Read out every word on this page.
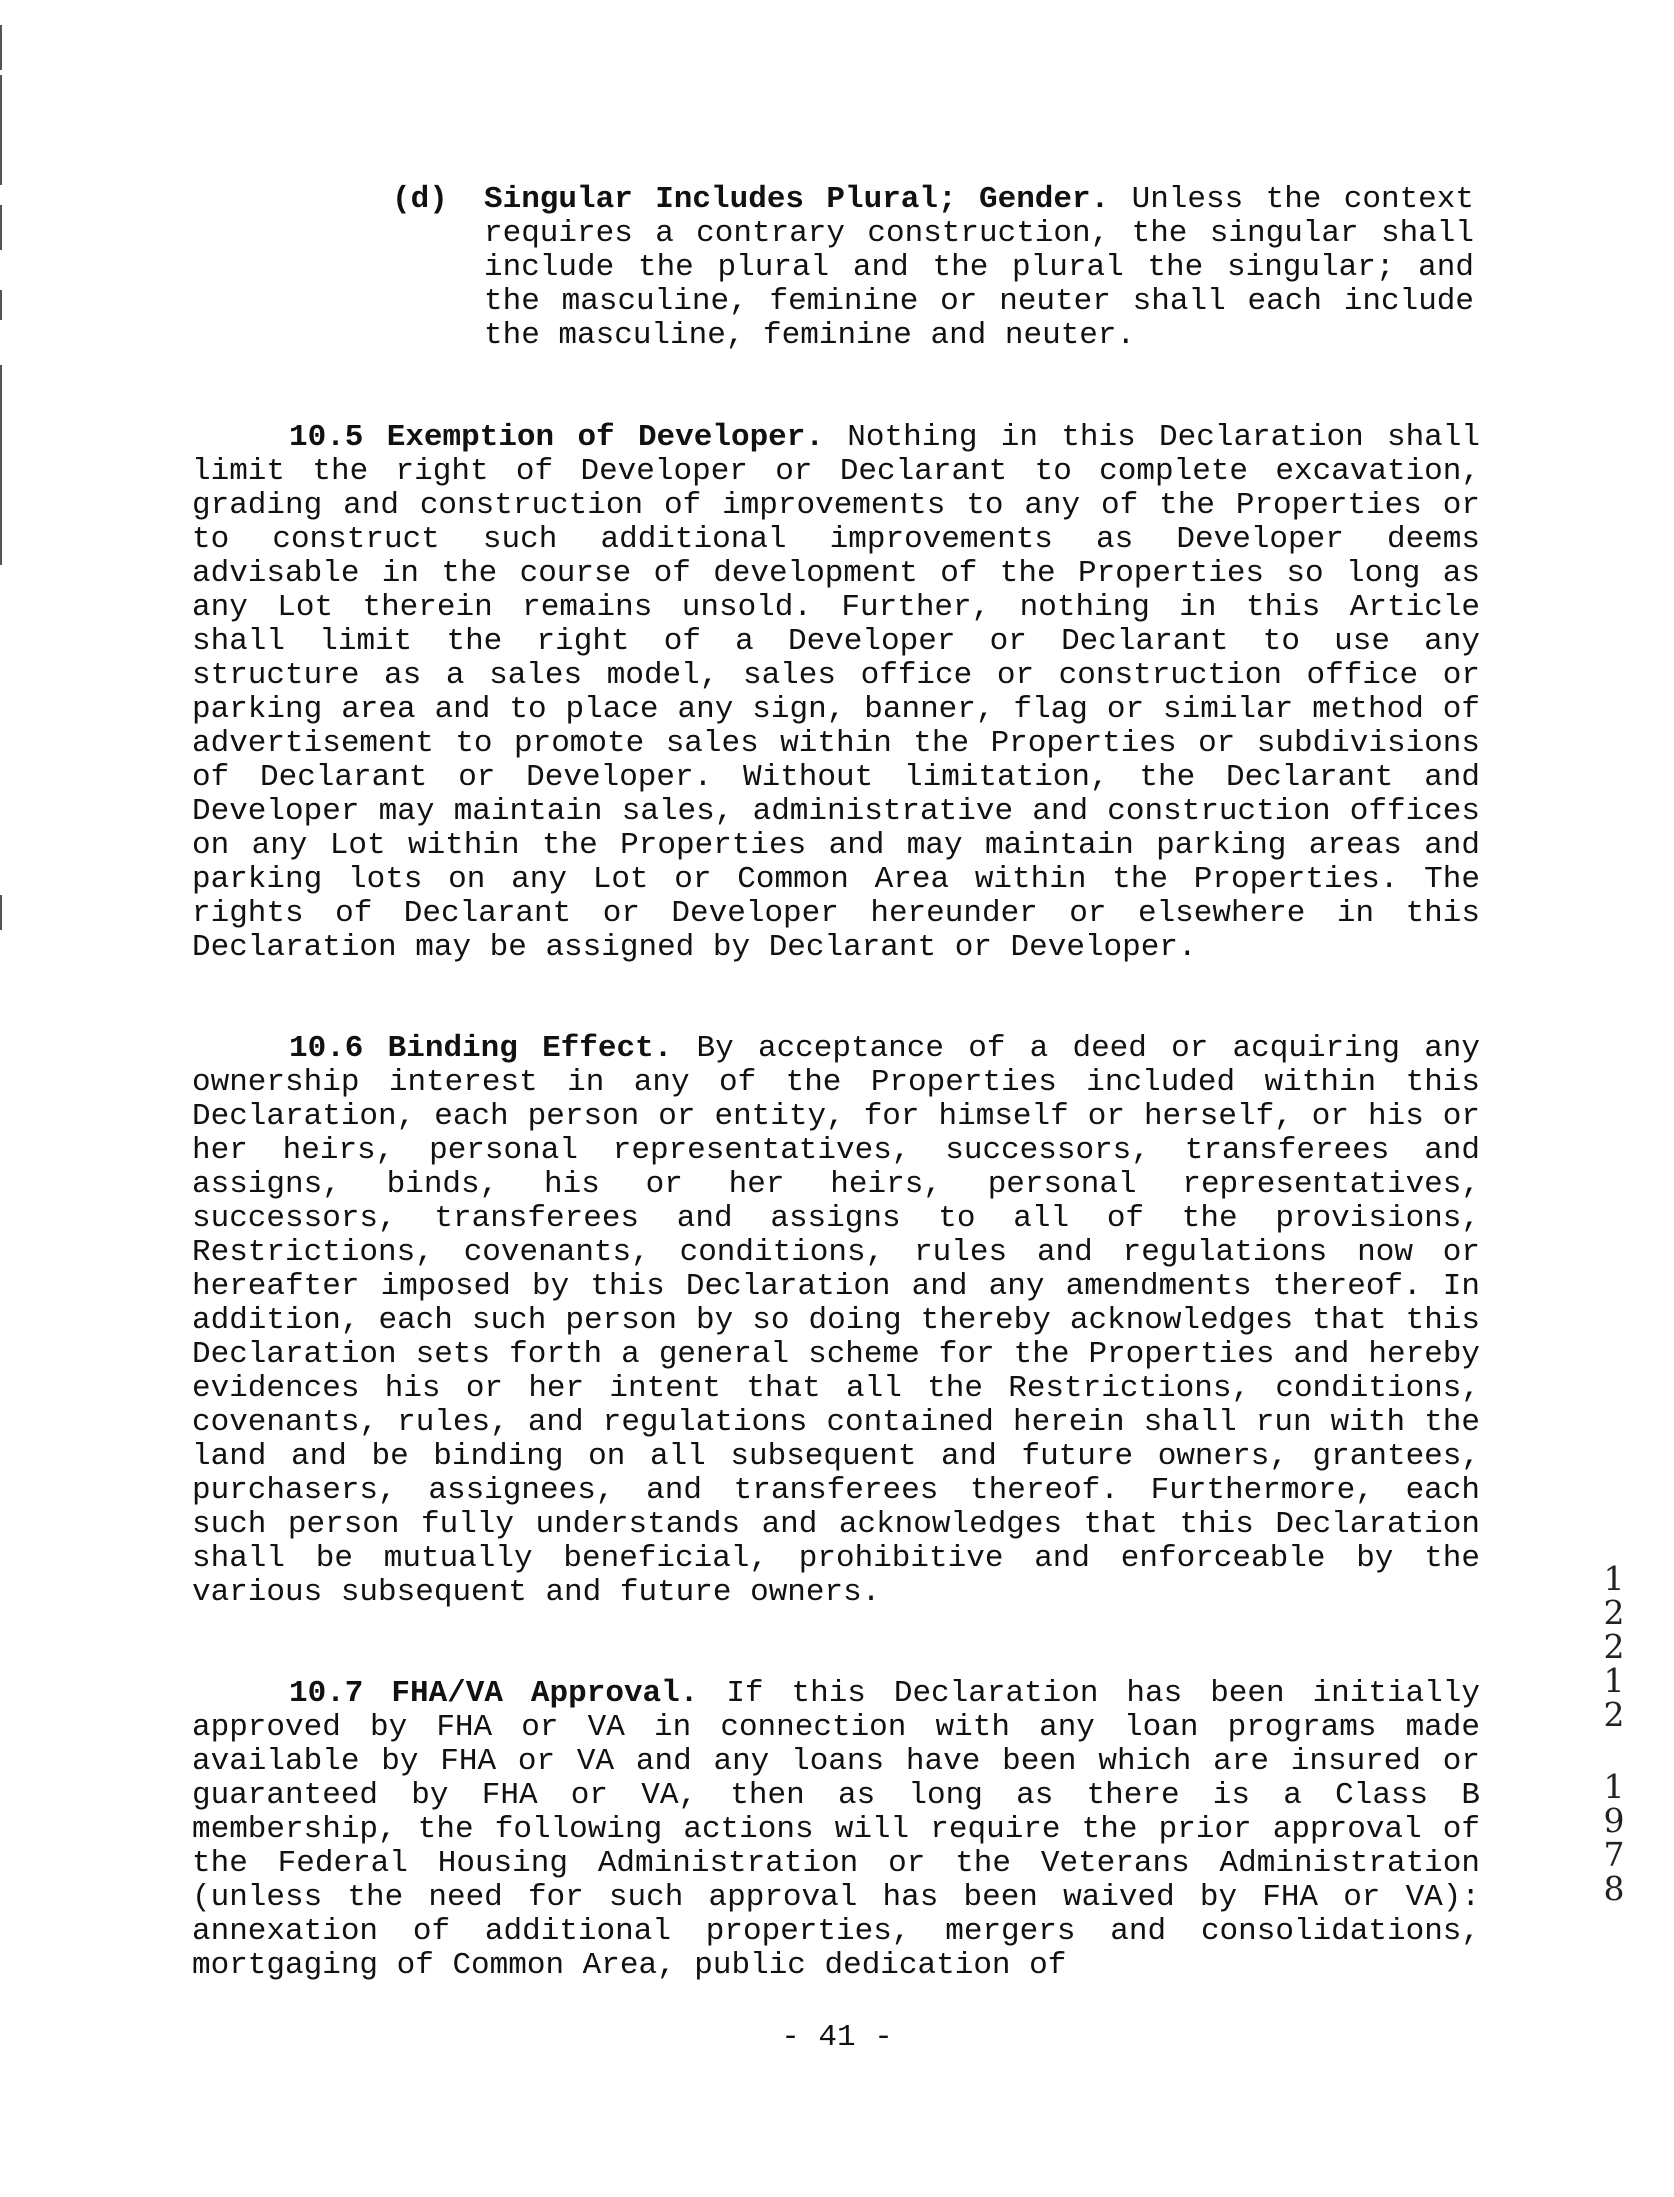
(d) Singular Includes Plural; Gender. Unless the context requires a contrary construction, the singular shall include the plural and the plural the singular; and the masculine, feminine or neuter shall each include the masculine, feminine and neuter.

10.5 Exemption of Developer. Nothing in this Declaration shall limit the right of Developer or Declarant to complete excavation, grading and construction of improvements to any of the Properties or to construct such additional improvements as Developer deems advisable in the course of development of the Properties so long as any Lot therein remains unsold. Further, nothing in this Article shall limit the right of a Developer or Declarant to use any structure as a sales model, sales office or construction office or parking area and to place any sign, banner, flag or similar method of advertisement to promote sales within the Properties or subdivisions of Declarant or Developer. Without limitation, the Declarant and Developer may maintain sales, administrative and construction offices on any Lot within the Properties and may maintain parking areas and parking lots on any Lot or Common Area within the Properties. The rights of Declarant or Developer hereunder or elsewhere in this Declaration may be assigned by Declarant or Developer.

10.6 Binding Effect. By acceptance of a deed or acquiring any ownership interest in any of the Properties included within this Declaration, each person or entity, for himself or herself, or his or her heirs, personal representatives, successors, transferees and assigns, binds, his or her heirs, personal representatives, successors, transferees and assigns to all of the provisions, Restrictions, covenants, conditions, rules and regulations now or hereafter imposed by this Declaration and any amendments thereof. In addition, each such person by so doing thereby acknowledges that this Declaration sets forth a general scheme for the Properties and hereby evidences his or her intent that all the Restrictions, conditions, covenants, rules, and regulations contained herein shall run with the land and be binding on all subsequent and future owners, grantees, purchasers, assignees, and transferees thereof. Furthermore, each such person fully understands and acknowledges that this Declaration shall be mutually beneficial, prohibitive and enforceable by the various subsequent and future owners.

10.7 FHA/VA Approval. If this Declaration has been initially approved by FHA or VA in connection with any loan programs made available by FHA or VA and any loans have been which are insured or guaranteed by FHA or VA, then as long as there is a Class B membership, the following actions will require the prior approval of the Federal Housing Administration or the Veterans Administration (unless the need for such approval has been waived by FHA or VA): annexation of additional properties, mergers and consolidations, mortgaging of Common Area, public dedication of

1
2
2
1
2
1
9
7
8
- 41 -
